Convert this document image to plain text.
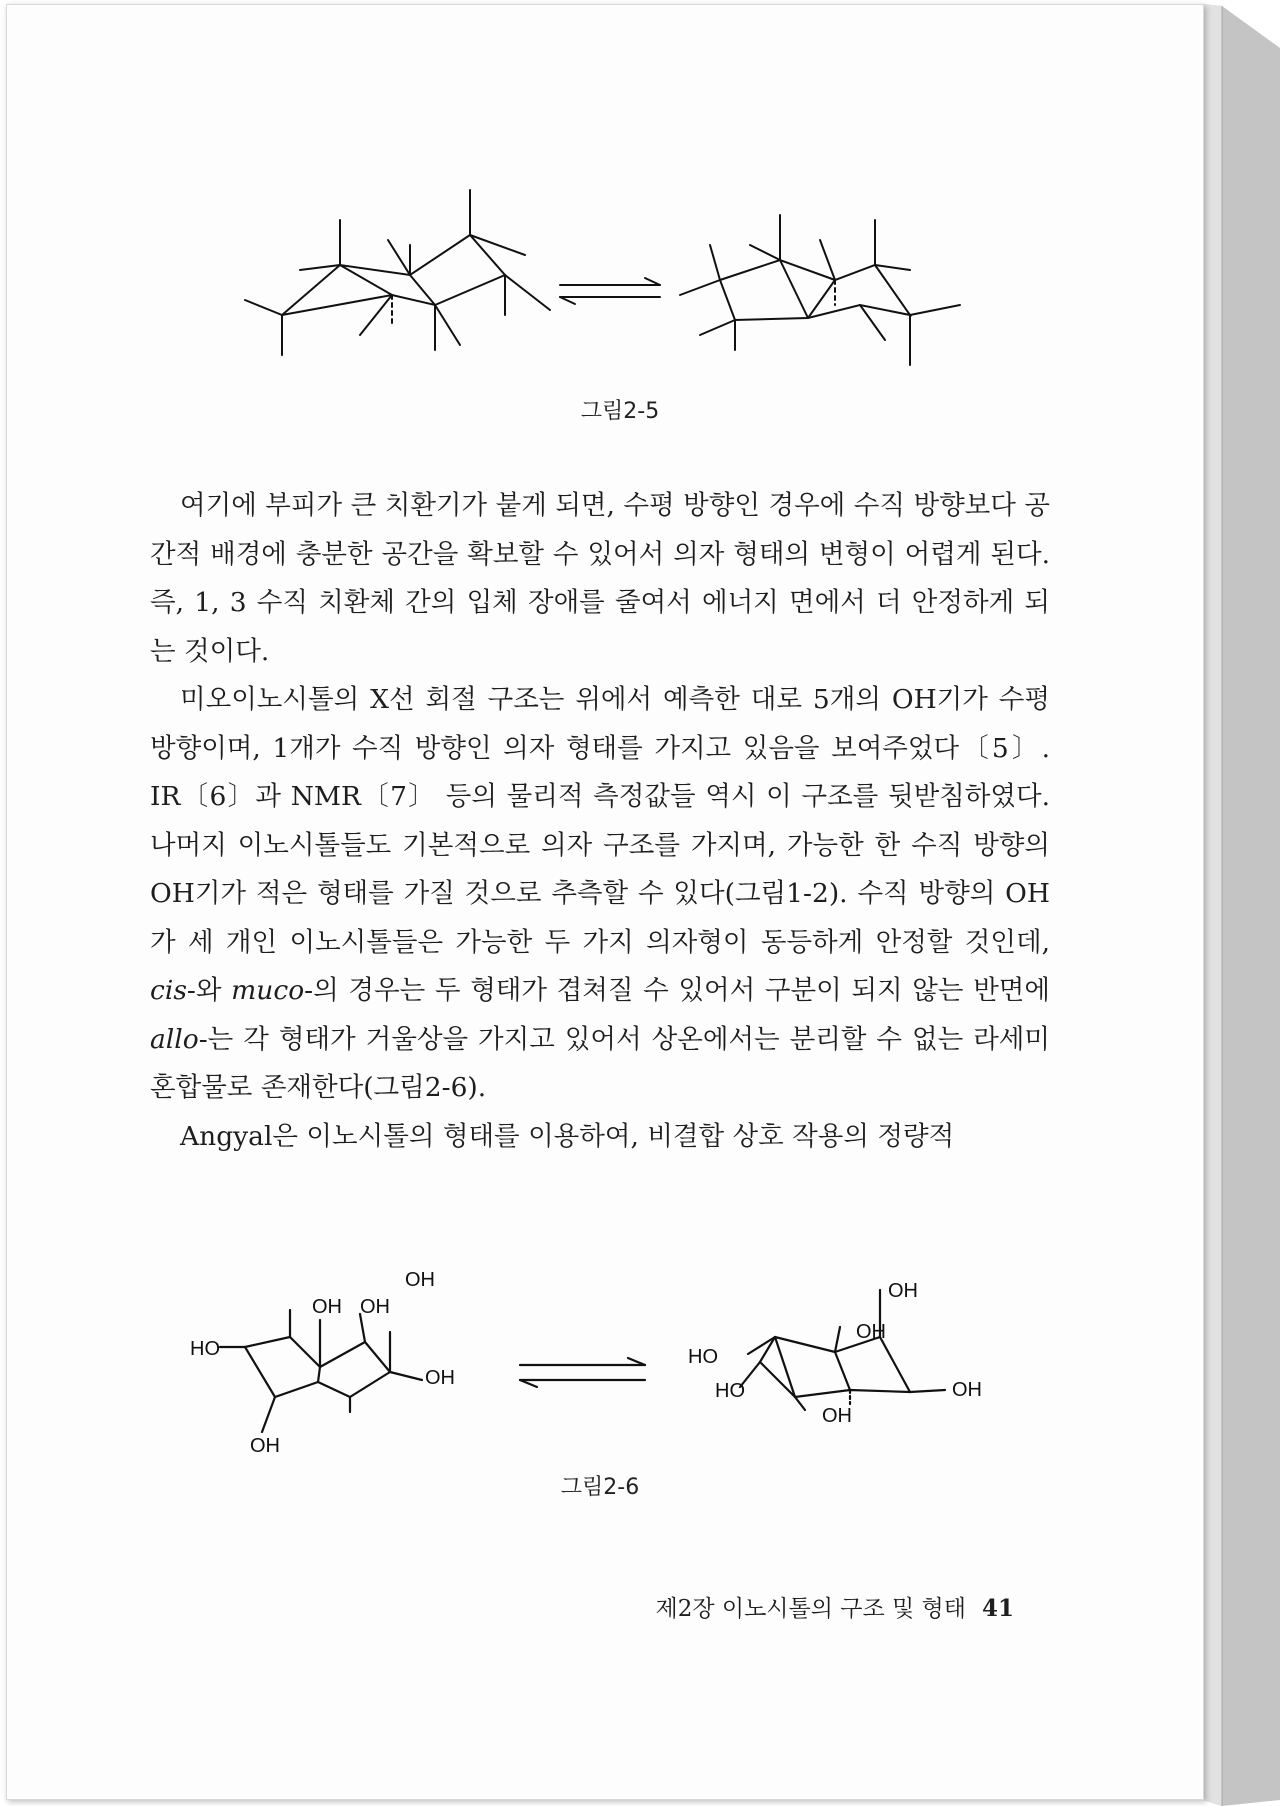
그림2-5

여기에 부피가 큰 치환기가 붙게 되면, 수평 방향인 경우에 수직 방향보다 공간적 배경에 충분한 공간을 확보할 수 있어서 의자 형태의 변형이 어렵게 된다. 즉, 1, 3 수직 치환체 간의 입체 장애를 줄여서 에너지 면에서 더 안정하게 되는 것이다.

미오이노시톨의 X선 회절 구조는 위에서 예측한 대로 5개의 OH기가 수평 방향이며, 1개가 수직 방향인 의자 형태를 가지고 있음을 보여주었다〔5〕. IR〔6〕과 NMR〔7〕 등의 물리적 측정값들 역시 이 구조를 뒷받침하였다. 나머지 이노시톨들도 기본적으로 의자 구조를 가지며, 가능한 한 수직 방향의 OH기가 적은 형태를 가질 것으로 추측할 수 있다(그림1-2). 수직 방향의 OH가 세 개인 이노시톨들은 가능한 두 가지 의자형이 동등하게 안정할 것인데, cis-와 muco-의 경우는 두 형태가 겹쳐질 수 있어서 구분이 되지 않는 반면에 allo-는 각 형태가 거울상을 가지고 있어서 상온에서는 분리할 수 없는 라세미 혼합물로 존재한다(그림2-6).

Angyal은 이노시톨의 형태를 이용하여, 비결합 상호 작용의 정량적

OH
OH OH
HO
OH
OH
OH
OH
HO
HO
OH
OH
그림2-6
제2장 이노시톨의 구조 및 형태 41
